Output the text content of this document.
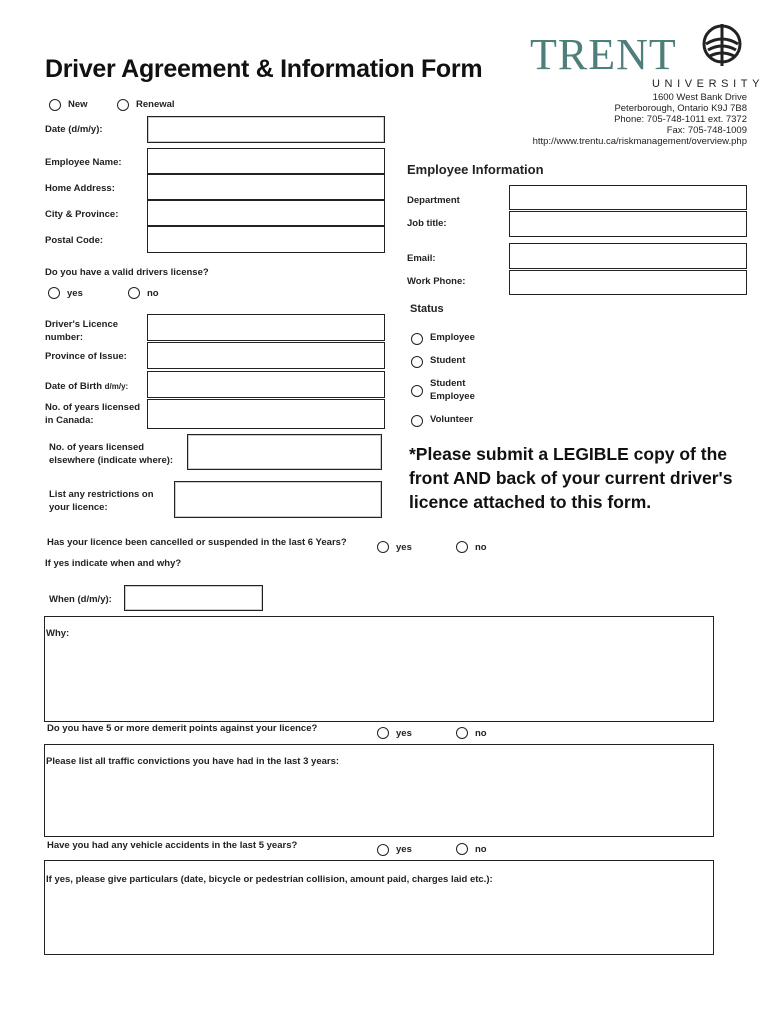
Driver Agreement & Information Form TRENT
UNIVERSITY
1600 West Bank Drive
Peterborough, Ontario K9J 7B8
Phone: 705-748-1011 ext. 7372
Fax: 705-748-1009
http://www.trentu.ca/riskmanagement/overview.php
New	Renewal
Date (d/m/y):
Employee Name:
Home Address:
City & Province:
Postal Code:
Do you have a valid drivers license?
yes	no
Driver's Licence number:
Province of Issue:
Date of Birth d/m/y:
No. of years licensed in Canada:
No. of years licensed elsewhere (indicate where):
List any restrictions on your licence:
Employee Information
Department
Job title:
Email:
Work Phone:
Status
Employee
Student
Student Employee
Volunteer
*Please submit a LEGIBLE copy of the front AND back of your current driver's licence attached to this form.
Has your licence been cancelled or suspended in the last 6 Years?	yes	no
If yes indicate when and why?
When (d/m/y):
Why:
Do you have 5 or more demerit points against your licence?	yes	no
Please list all traffic convictions you have had in the last 3 years:
Have you had any vehicle accidents in the last 5 years?	yes	no
If yes, please give particulars (date, bicycle or pedestrian collision, amount paid, charges laid etc.):
